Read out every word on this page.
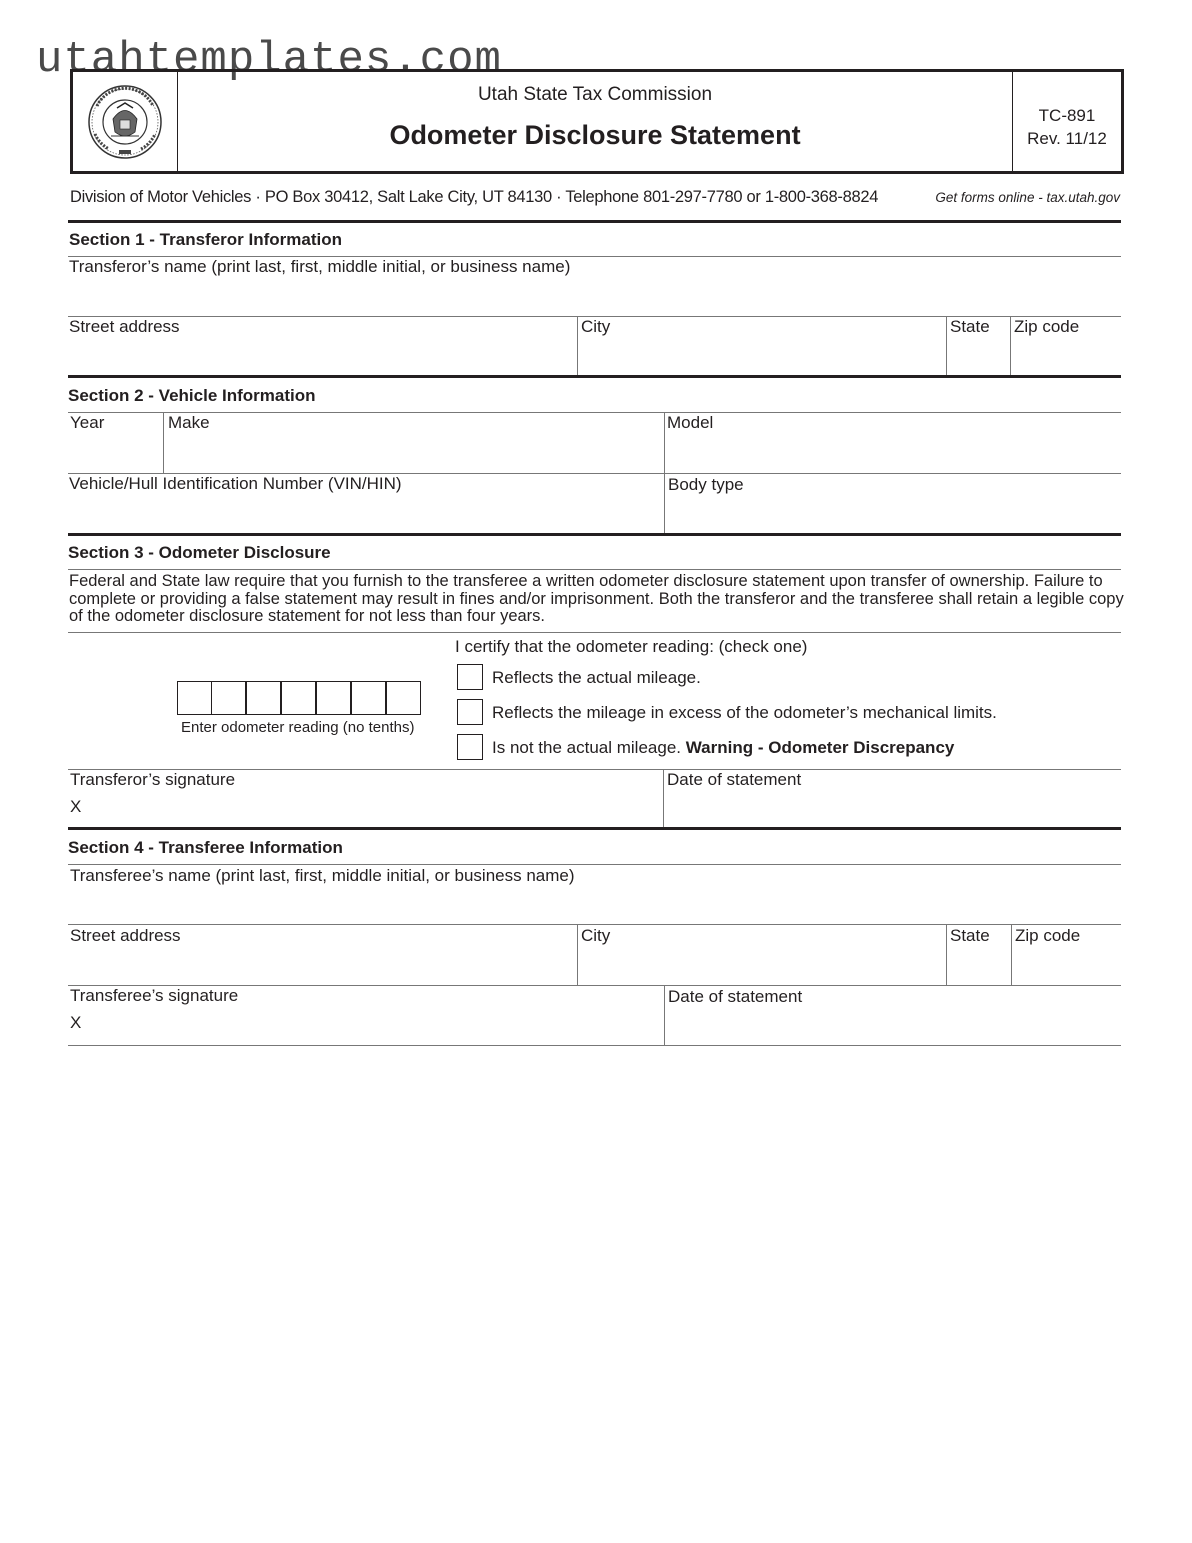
utahtemplates.com
Utah State Tax Commission
Odometer Disclosure Statement
TC-891
Rev. 11/12
Division of Motor Vehicles · PO Box 30412, Salt Lake City, UT 84130 · Telephone 801-297-7780 or 1-800-368-8824	Get forms online - tax.utah.gov
Section 1 - Transferor Information
Transferor’s name (print last, first, middle initial, or business name)
Street address	City	State Zip code
Section 2 - Vehicle Information
Year	Make	Model
Vehicle/Hull Identification Number (VIN/HIN)	Body type
Section 3 - Odometer Disclosure
Federal and State law require that you furnish to the transferee a written odometer disclosure statement upon transfer of ownership. Failure to complete or providing a false statement may result in fines and/or imprisonment. Both the transferor and the transferee shall retain a legible copy of the odometer disclosure statement for not less than four years.
I certify that the odometer reading: (check one)
Enter odometer reading (no tenths)
Reflects the actual mileage.
Reflects the mileage in excess of the odometer’s mechanical limits.
Is not the actual mileage. Warning - Odometer Discrepancy
Transferor’s signature
X
Date of statement
Section 4 - Transferee Information
Transferee’s name (print last, first, middle initial, or business name)
Street address	City	State Zip code
Transferee’s signature
X
Date of statement
